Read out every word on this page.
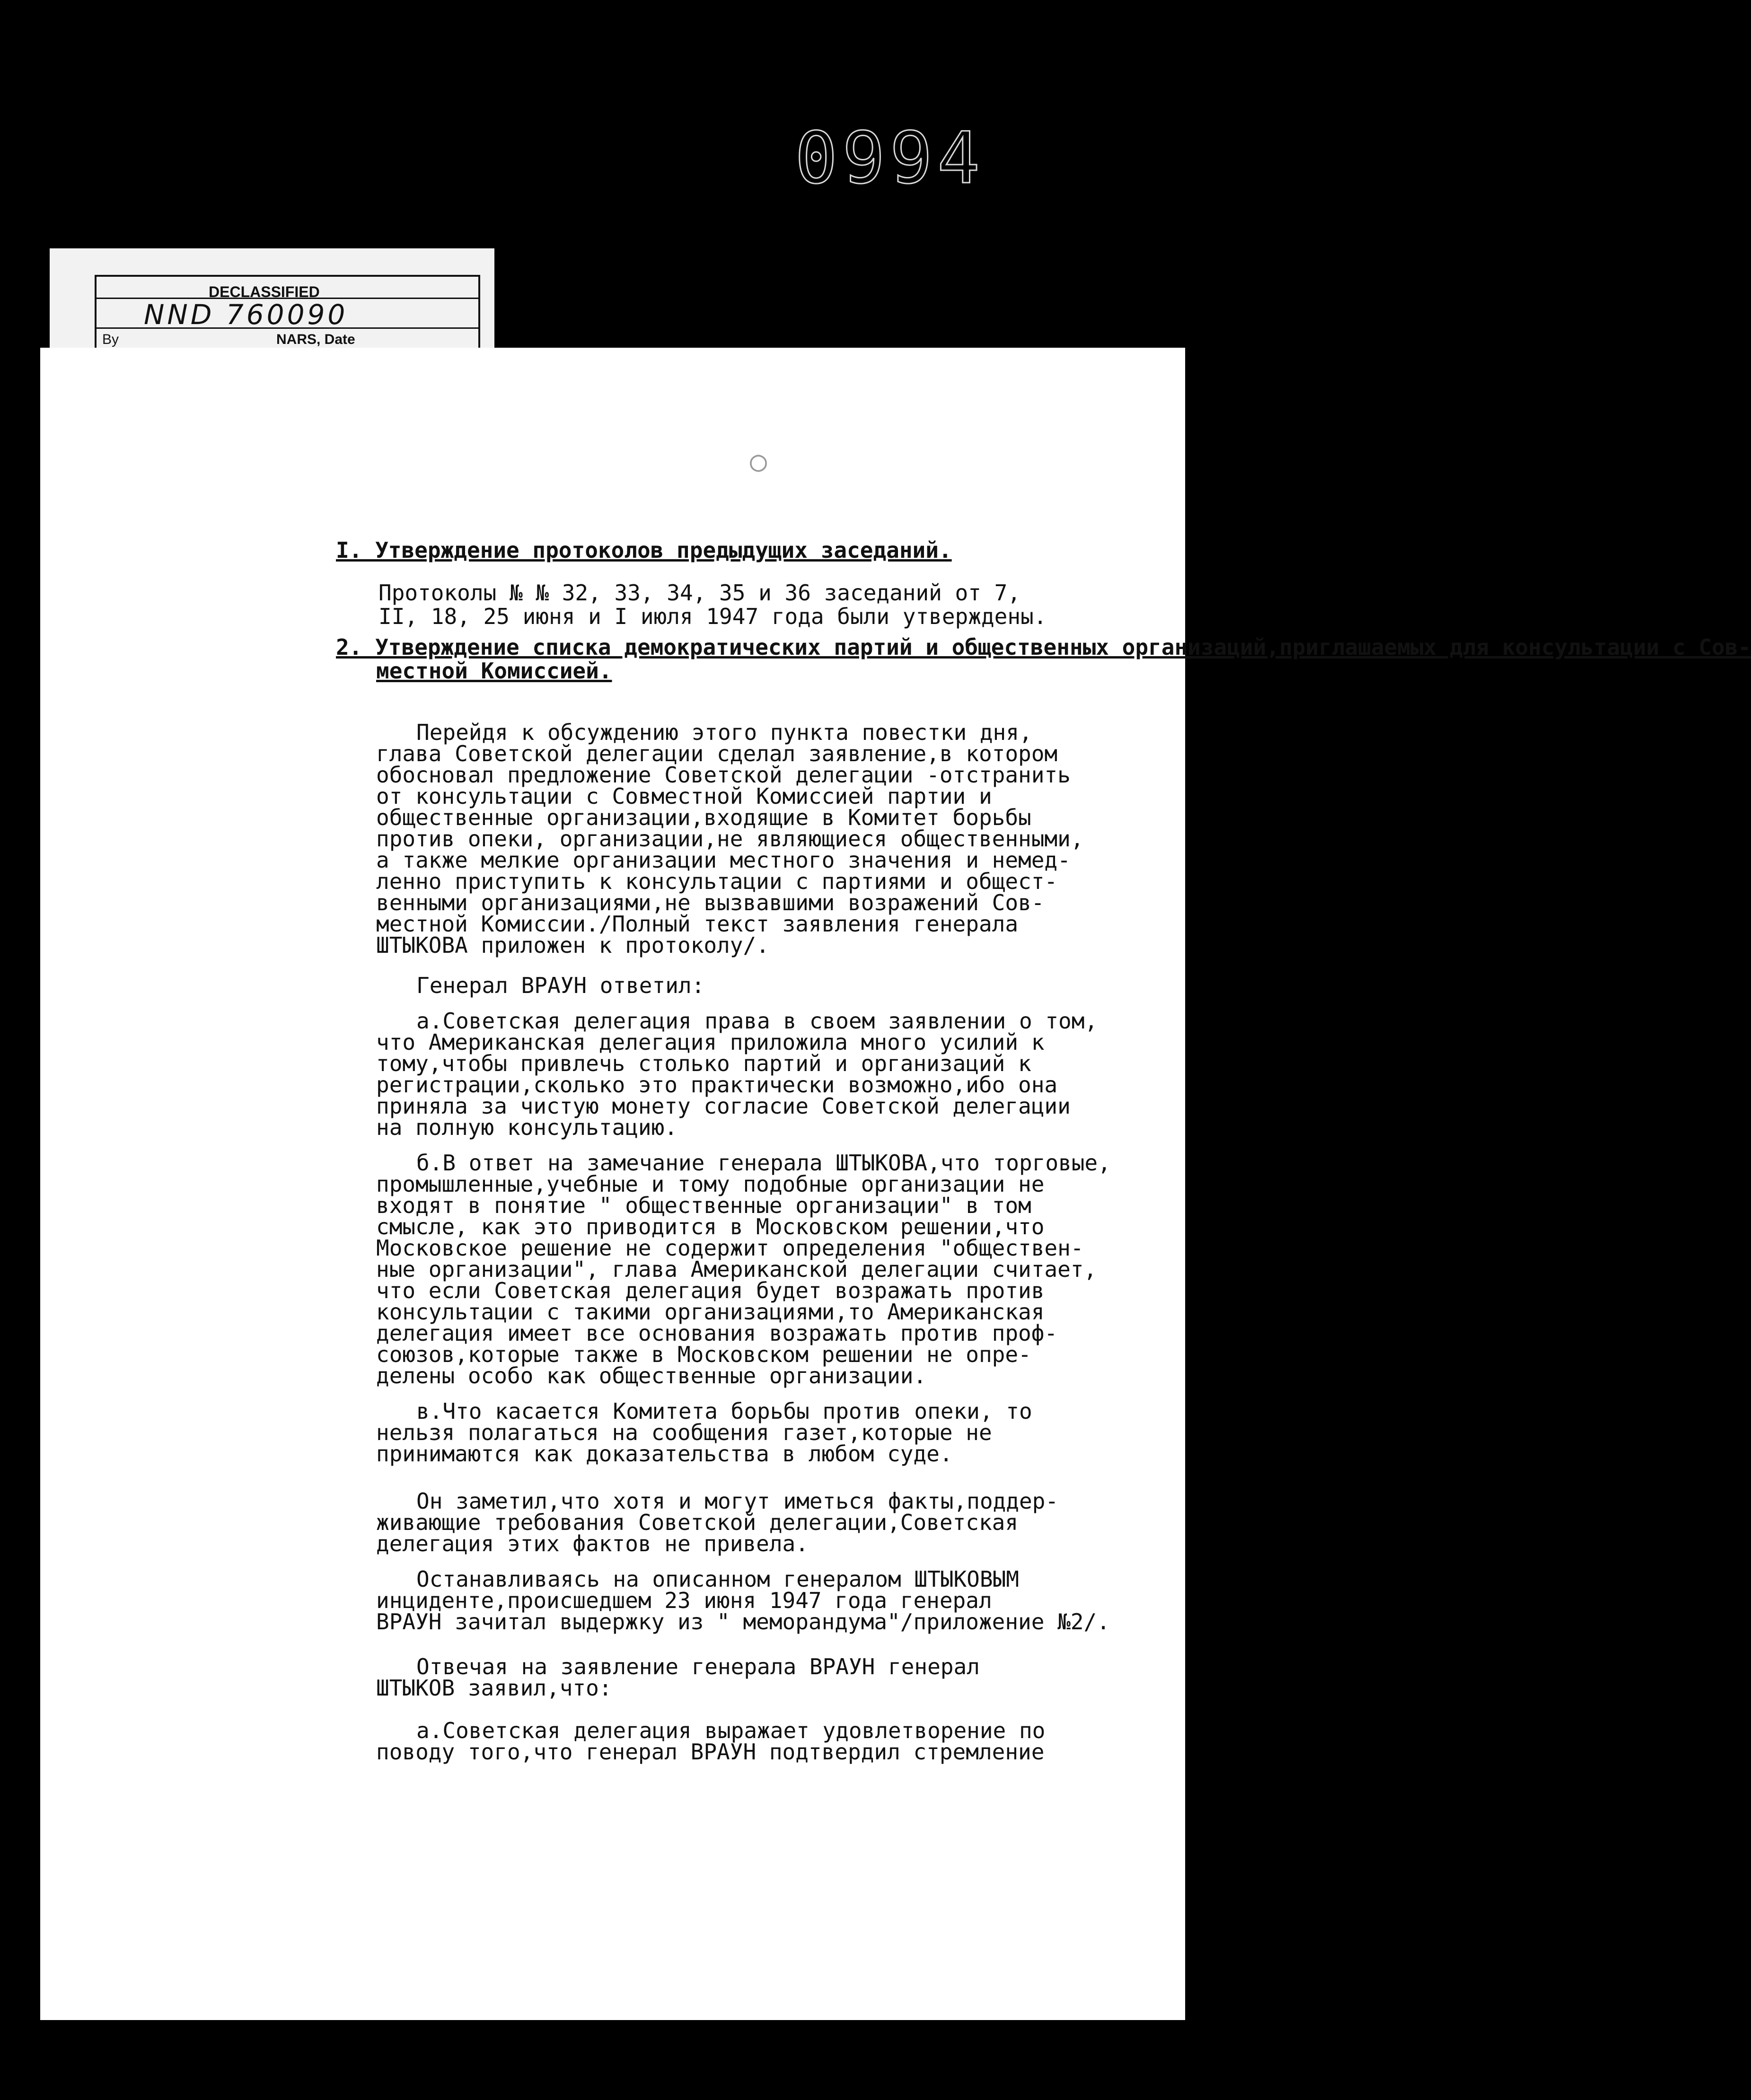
0994
DECLASSIFIED
NND 760090
By	NARS, Date
○
I. Утверждение протоколов предыдущих заседаний.
Протоколы № № 32, 33, 34, 35 и 36 заседаний от 7,
II, 18, 25 июня и I июля 1947 года были утверждены.
2. Утверждение списка демократических партий и общественных организаций,приглашаемых для консультации с Сов-
местной Комиссией.
Перейдя к обсуждению этого пункта повестки дня,
глава Советской делегации сделал заявление,в котором
обосновал предложение Советской делегации -отстранить
от консультации с Совместной Комиссией партии и
общественные организации,входящие в Комитет борьбы
против опеки, организации,не являющиеся общественными,
а также мелкие организации местного значения и немед-
ленно приступить к консультации с партиями и общест-
венными организациями,не вызвавшими возражений Сов-
местной Комиссии./Полный текст заявления генерала
ШТЫКОВА приложен к протоколу/.
Генерал ВРАУН ответил:
а.Советская делегация права в своем заявлении о том,
что Американская делегация приложила много усилий к
тому,чтобы привлечь столько партий и организаций к
регистрации,сколько это практически возможно,ибо она
приняла за чистую монету согласие Советской делегации
на полную консультацию.
б.В ответ на замечание генерала ШТЫКОВА,что торговые,
промышленные,учебные и тому подобные организации не
входят в понятие " общественные организации" в том
смысле, как это приводится в Московском решении,что
Московское решение не содержит определения "обществен-
ные организации", глава Американской делегации считает,
что если Советская делегация будет возражать против
консультации с такими организациями,то Американская
делегация имеет все основания возражать против проф-
союзов,которые также в Московском решении не опре-
делены особо как общественные организации.
в.Что касается Комитета борьбы против опеки, то
нельзя полагаться на сообщения газет,которые не
принимаются как доказательства в любом суде.
Он заметил,что хотя и могут иметься факты,поддер-
живающие требования Советской делегации,Советская
делегация этих фактов не привела.
Останавливаясь на описанном генералом ШТЫКОВЫМ
инциденте,происшедшем 23 июня 1947 года генерал
ВРАУН зачитал выдержку из " меморандума"/приложение №2/.
Отвечая на заявление генерала ВРАУН генерал
ШТЫКОВ заявил,что:
а.Советская делегация выражает удовлетворение по
поводу того,что генерал ВРАУН подтвердил стремление
